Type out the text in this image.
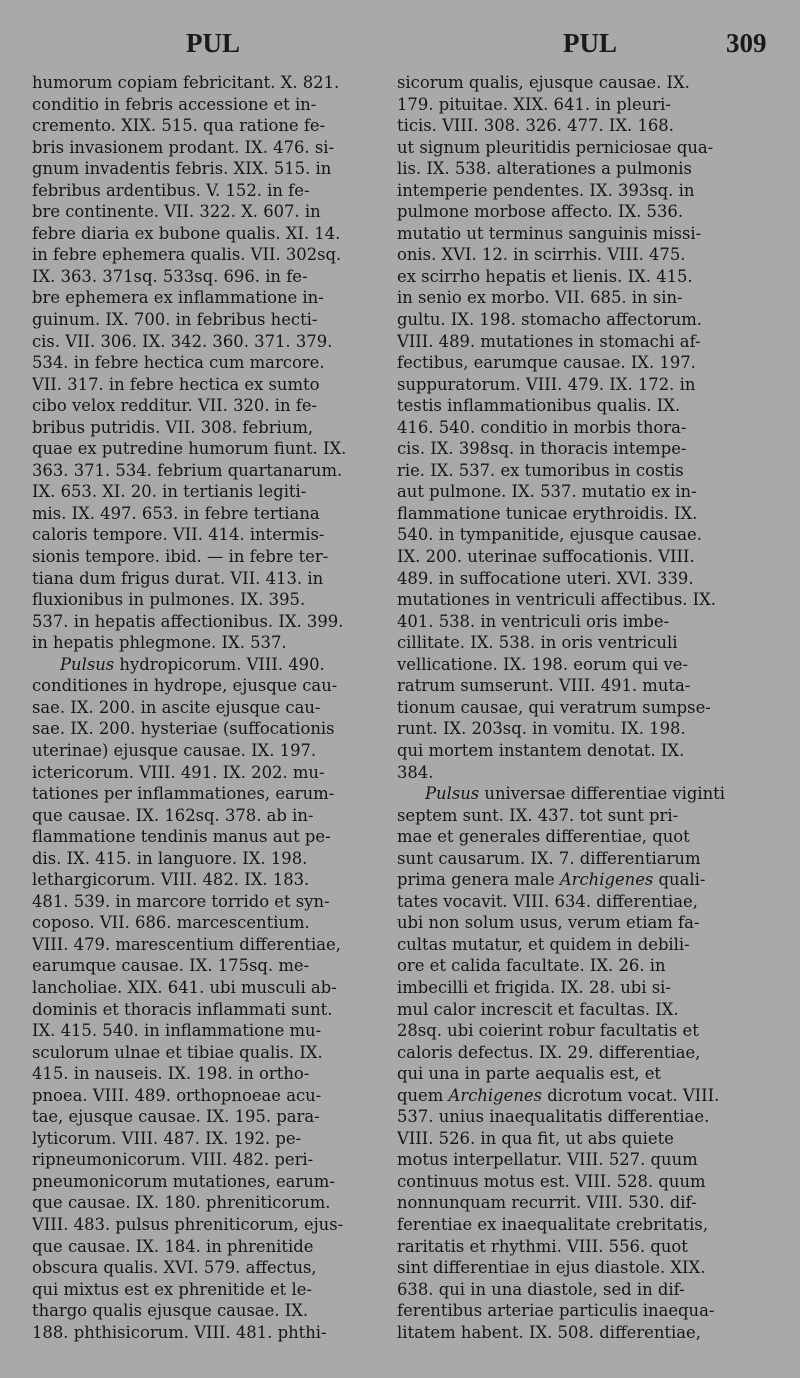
PUL	PUL	309
humorum copiam febricitant. X. 821.
conditio in febris accessione et in-
cremento. XIX. 515. qua ratione fe-
bris invasionem prodant. IX. 476. si-
gnum invadentis febris. XIX. 515. in
febribus ardentibus. V. 152. in fe-
bre continente. VII. 322. X. 607. in
febre diaria ex bubone qualis. XI. 14.
in febre ephemera qualis. VII. 302sq.
IX. 363. 371sq. 533sq. 696. in fe-
bre ephemera ex inflammatione in-
guinum. IX. 700. in febribus hecti-
cis. VII. 306. IX. 342. 360. 371. 379.
534. in febre hectica cum marcore.
VII. 317. in febre hectica ex sumto
cibo velox redditur. VII. 320. in fe-
bribus putridis. VII. 308. febrium,
quae ex putredine humorum fiunt. IX.
363. 371. 534. febrium quartanarum.
IX. 653. XI. 20. in tertianis legiti-
mis. IX. 497. 653. in febre tertiana
caloris tempore. VII. 414. intermis-
sionis tempore. ibid. — in febre ter-
tiana dum frigus durat. VII. 413. in
fluxionibus in pulmones. IX. 395.
537. in hepatis affectionibus. IX. 399.
in hepatis phlegmone. IX. 537.
Pulsus hydropicorum. VIII. 490.
conditiones in hydrope, ejusque cau-
sae. IX. 200. in ascite ejusque cau-
sae. IX. 200. hysteriae (suffocationis
uterinae) ejusque causae. IX. 197.
ictericorum. VIII. 491. IX. 202. mu-
tationes per inflammationes, earum-
que causae. IX. 162sq. 378. ab in-
flammatione tendinis manus aut pe-
dis. IX. 415. in languore. IX. 198.
lethargicorum. VIII. 482. IX. 183.
481. 539. in marcore torrido et syn-
coposo. VII. 686. marcescentium.
VIII. 479. marescentium differentiae,
earumque causae. IX. 175sq. me-
lancholiae. XIX. 641. ubi musculi ab-
dominis et thoracis inflammati sunt.
IX. 415. 540. in inflammatione mu-
sculorum ulnae et tibiae qualis. IX.
415. in nauseis. IX. 198. in ortho-
pnoea. VIII. 489. orthopnoeae acu-
tae, ejusque causae. IX. 195. para-
lyticorum. VIII. 487. IX. 192. pe-
ripneumonicorum. VIII. 482. peri-
pneumonicorum mutationes, earum-
que causae. IX. 180. phreniticorum.
VIII. 483. pulsus phreniticorum, ejus-
que causae. IX. 184. in phrenitide
obscura qualis. XVI. 579. affectus,
qui mixtus est ex phrenitide et le-
thargo qualis ejusque causae. IX.
188. phthisicorum. VIII. 481. phthi-
sicorum qualis, ejusque causae. IX.
179. pituitae. XIX. 641. in pleuri-
ticis. VIII. 308. 326. 477. IX. 168.
ut signum pleuritidis perniciosae qua-
lis. IX. 538. alterationes a pulmonis
intemperie pendentes. IX. 393sq. in
pulmone morbose affecto. IX. 536.
mutatio ut terminus sanguinis missi-
onis. XVI. 12. in scirrhis. VIII. 475.
ex scirrho hepatis et lienis. IX. 415.
in senio ex morbo. VII. 685. in sin-
gultu. IX. 198. stomacho affectorum.
VIII. 489. mutationes in stomachi af-
fectibus, earumque causae. IX. 197.
suppuratorum. VIII. 479. IX. 172. in
testis inflammationibus qualis. IX.
416. 540. conditio in morbis thora-
cis. IX. 398sq. in thoracis intempe-
rie. IX. 537. ex tumoribus in costis
aut pulmone. IX. 537. mutatio ex in-
flammatione tunicae erythroidis. IX.
540. in tympanitide, ejusque causae.
IX. 200. uterinae suffocationis. VIII.
489. in suffocatione uteri. XVI. 339.
mutationes in ventriculi affectibus. IX.
401. 538. in ventriculi oris imbe-
cillitate. IX. 538. in oris ventriculi
vellicatione. IX. 198. eorum qui ve-
ratrum sumserunt. VIII. 491. muta-
tionum causae, qui veratrum sumpse-
runt. IX. 203sq. in vomitu. IX. 198.
qui mortem instantem denotat. IX.
384.
Pulsus universae differentiae viginti
septem sunt. IX. 437. tot sunt pri-
mae et generales differentiae, quot
sunt causarum. IX. 7. differentiarum
prima genera male Archigenes quali-
tates vocavit. VIII. 634. differentiae,
ubi non solum usus, verum etiam fa-
cultas mutatur, et quidem in debili-
ore et calida facultate. IX. 26. in
imbecilli et frigida. IX. 28. ubi si-
mul calor increscit et facultas. IX.
28sq. ubi coierint robur facultatis et
caloris defectus. IX. 29. differentiae,
qui una in parte aequalis est, et
quem Archigenes dicrotum vocat. VIII.
537. unius inaequalitatis differentiae.
VIII. 526. in qua fit, ut abs quiete
motus interpellatur. VIII. 527. quum
continuus motus est. VIII. 528. quum
nonnunquam recurrit. VIII. 530. dif-
ferentiae ex inaequalitate crebritatis,
raritatis et rhythmi. VIII. 556. quot
sint differentiae in ejus diastole. XIX.
638. qui in una diastole, sed in dif-
ferentibus arteriae particulis inaequa-
litatem habent. IX. 508. differentiae,
